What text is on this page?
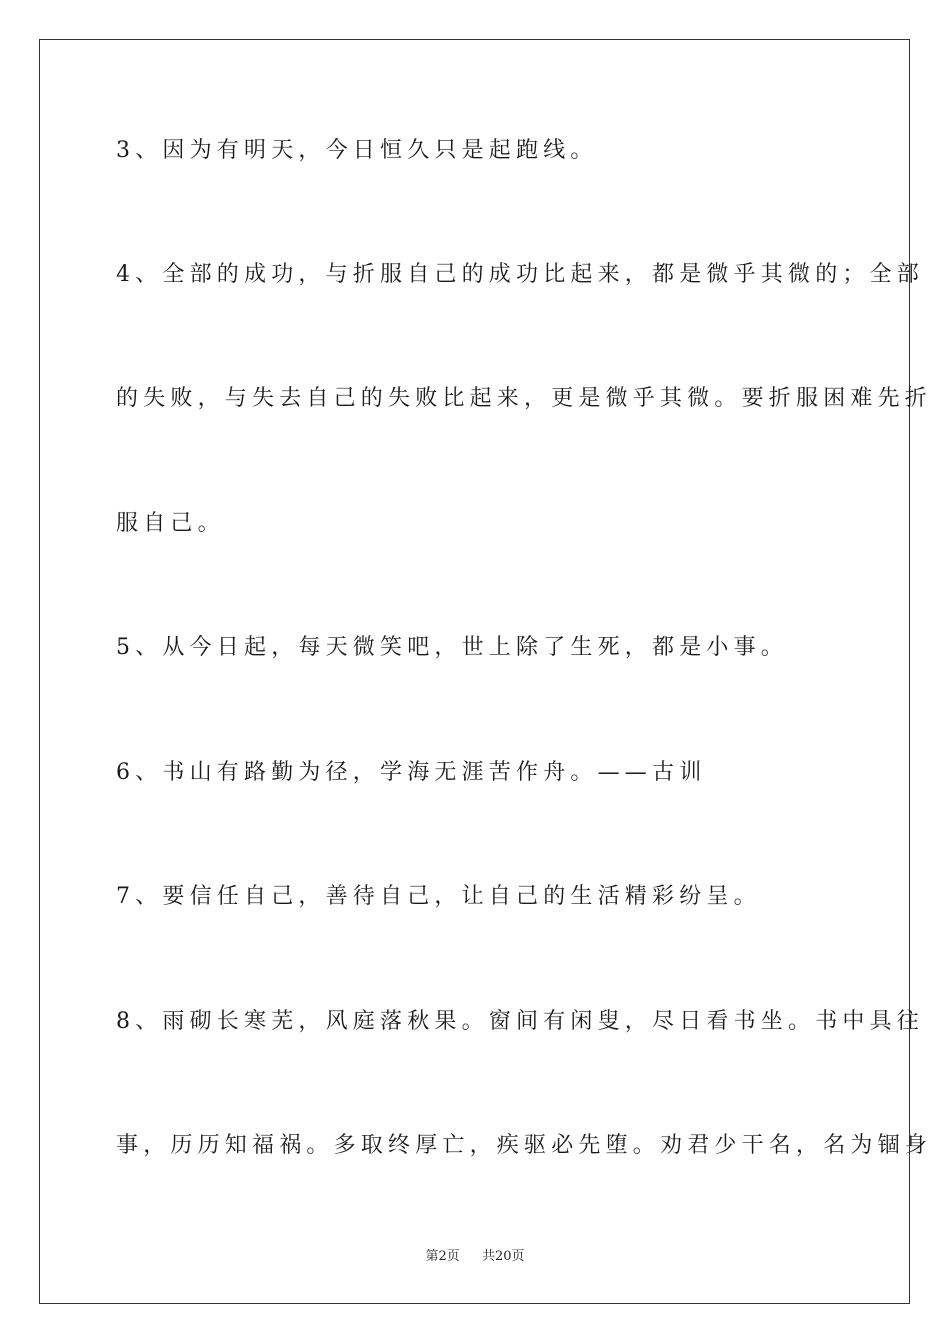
3、因为有明天，今日恒久只是起跑线。
4、全部的成功，与折服自己的成功比起来，都是微乎其微的；全部
的失败，与失去自己的失败比起来，更是微乎其微。要折服困难先折
服自己。
5、从今日起，每天微笑吧，世上除了生死，都是小事。
6、书山有路勤为径，学海无涯苦作舟。——古训
7、要信任自己，善待自己，让自己的生活精彩纷呈。
8、雨砌长寒芜，风庭落秋果。窗间有闲叟，尽日看书坐。书中具往
事，历历知福祸。多取终厚亡，疾驱必先堕。劝君少干名，名为锢身
第2页 共20页
